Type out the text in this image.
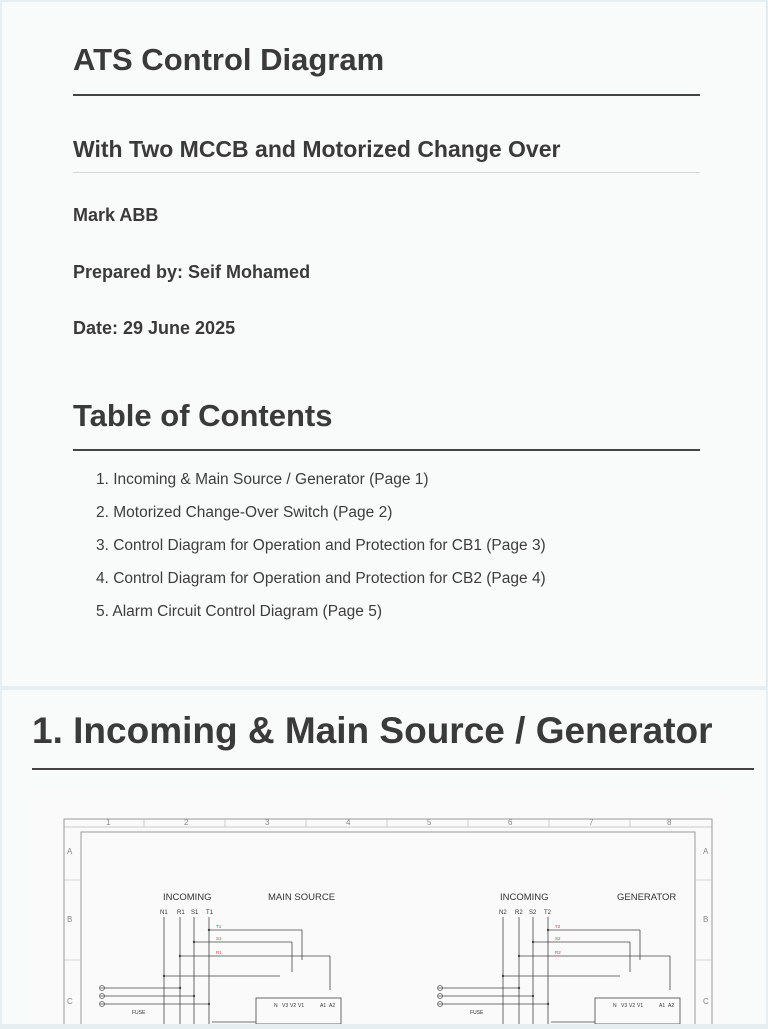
ATS Control Diagram
With Two MCCB and Motorized Change Over

Mark ABB

Prepared by: Seif Mohamed

Date: 29 June 2025

Table of Contents
1. Incoming & Main Source / Generator (Page 1)
2. Motorized Change-Over Switch (Page 2)
3. Control Diagram for Operation and Protection for CB1 (Page 3)
4. Control Diagram for Operation and Protection for CB2 (Page 4)
5. Alarm Circuit Control Diagram (Page 5)
1. Incoming & Main Source / Generator
1	2	3	4	5	6	7	8
A
B
C
A
B
C
INCOMING	MAIN SOURCE
N1 R1 S1 T1
T1
S1
R1
FUSE
N V3 V2 V1	A1 A2
INCOMING	GENERATOR
N2 R2 S2 T2
T2
S2
R2
FUSE
N V3 V2 V1	A1 A2
